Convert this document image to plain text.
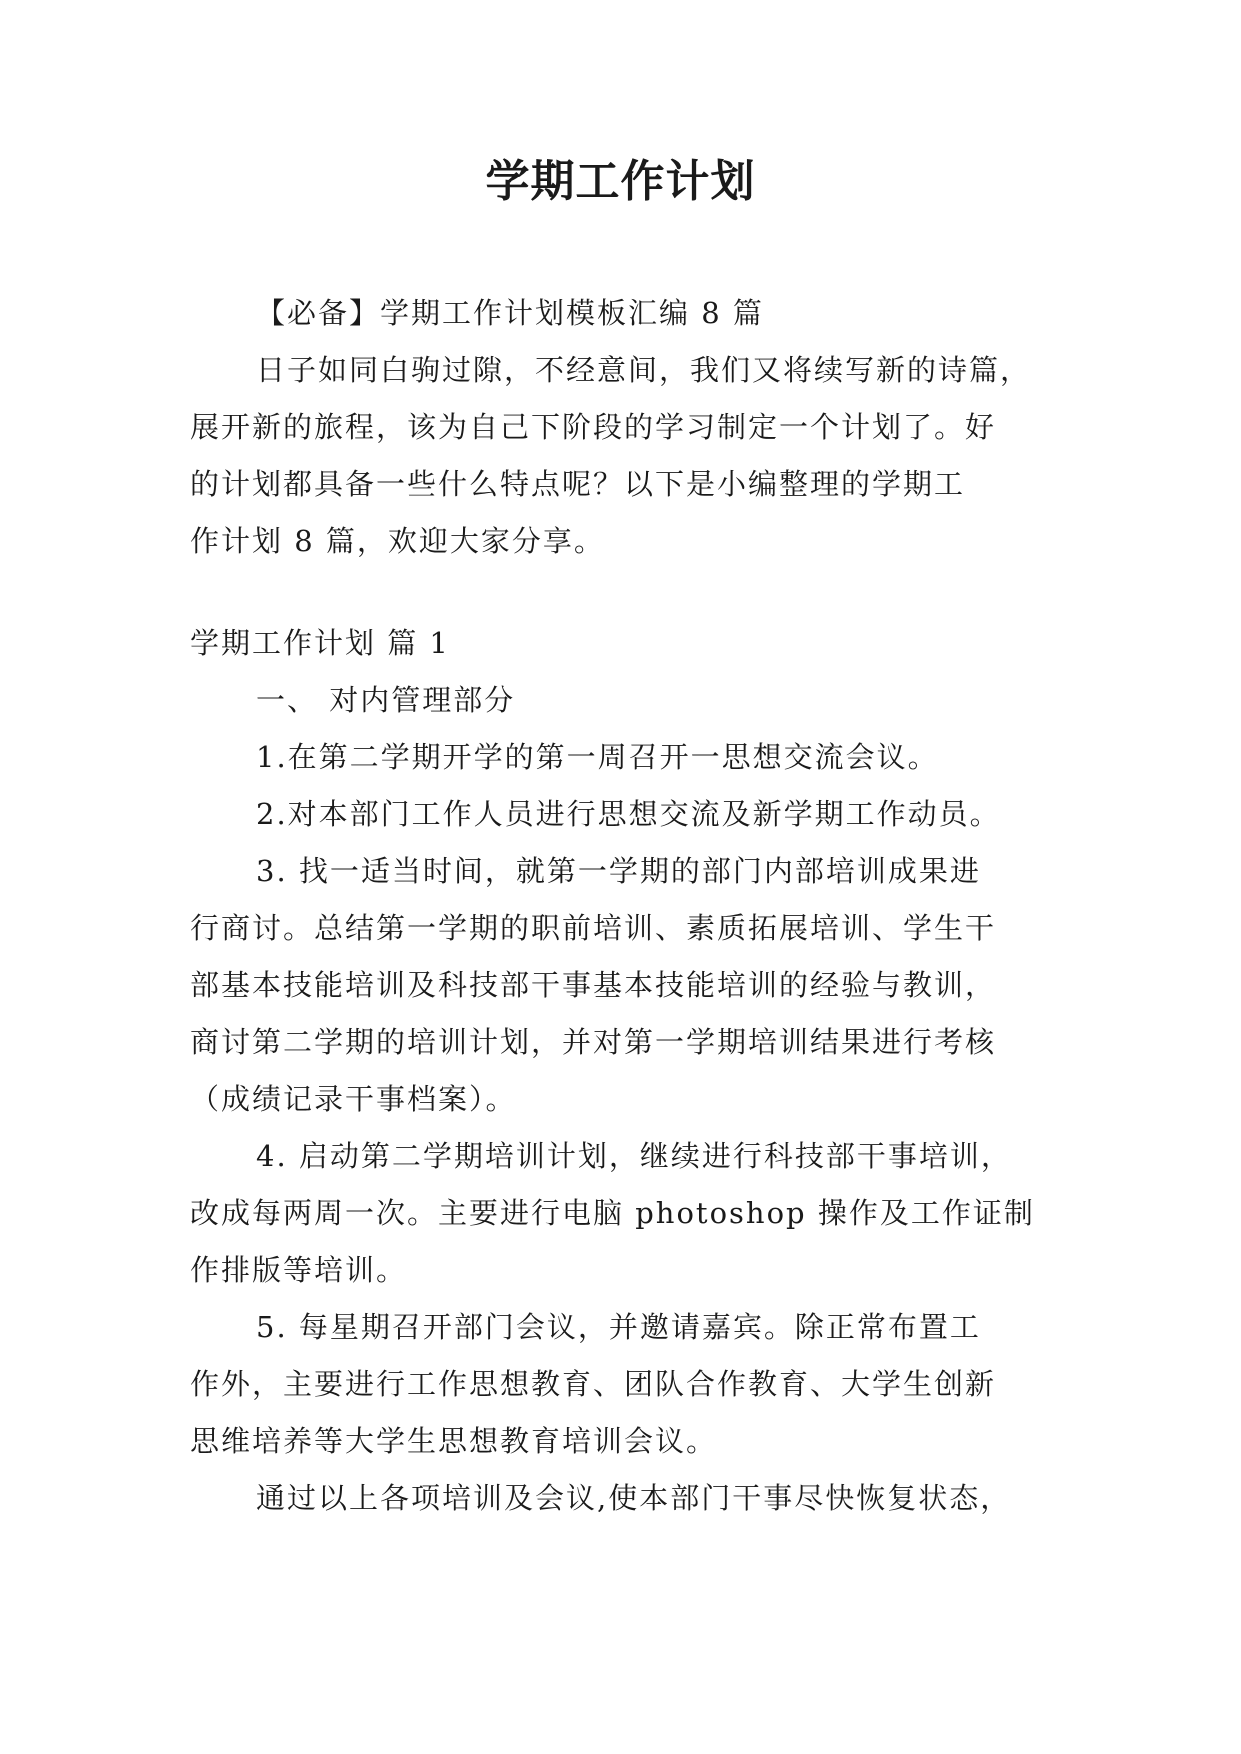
学期工作计划

【必备】学期工作计划模板汇编 8 篇

日子如同白驹过隙，不经意间，我们又将续写新的诗篇，

展开新的旅程，该为自己下阶段的学习制定一个计划了。好

的计划都具备一些什么特点呢？以下是小编整理的学期工

作计划 8 篇，欢迎大家分享。

学期工作计划 篇 1

一、 对内管理部分

1.在第二学期开学的第一周召开一思想交流会议。

2.对本部门工作人员进行思想交流及新学期工作动员。

3. 找一适当时间，就第一学期的部门内部培训成果进

行商讨。总结第一学期的职前培训、素质拓展培训、学生干

部基本技能培训及科技部干事基本技能培训的经验与教训，

商讨第二学期的培训计划，并对第一学期培训结果进行考核

（成绩记录干事档案）。

4. 启动第二学期培训计划，继续进行科技部干事培训，

改成每两周一次。主要进行电脑 photoshop 操作及工作证制

作排版等培训。

5. 每星期召开部门会议，并邀请嘉宾。除正常布置工

作外，主要进行工作思想教育、团队合作教育、大学生创新

思维培养等大学生思想教育培训会议。

通过以上各项培训及会议,使本部门干事尽快恢复状态，
